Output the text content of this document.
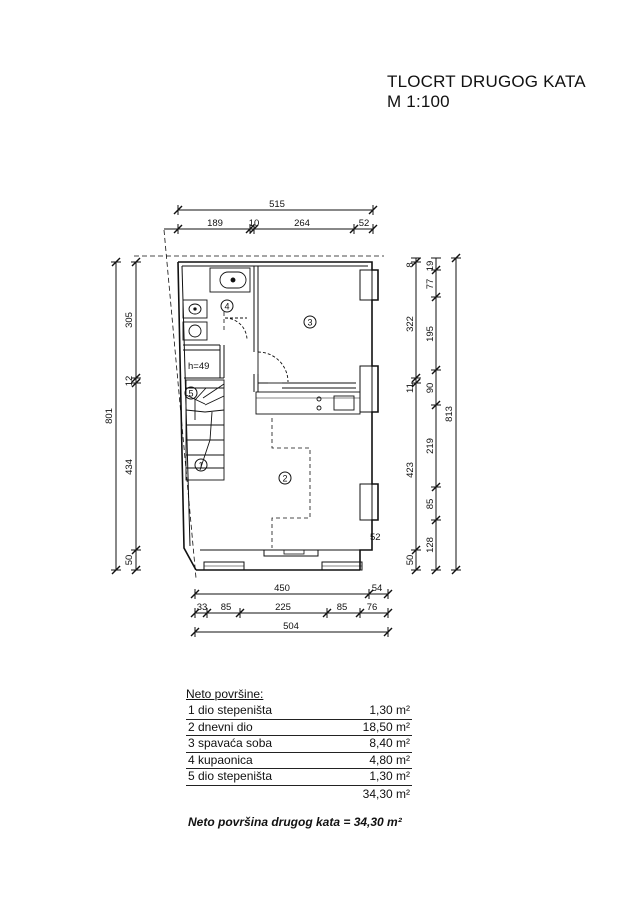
TLOCRT DRUGOG KATA
M 1:100
4
3
2
1
5
h=49
515
189	10	264	52
801
305
12
434
50
8
322
11
423
50
19
77
195
90
219
85
128
813
52
450	54
33 85	225	85 76
504
Neto površine:
1 dio stepeništa	1,30 m²
2 dnevni dio	18,50 m²
3 spavaća soba	8,40 m²
4 kupaonica	4,80 m²
5 dio stepeništa	1,30 m²
34,30 m²
Neto površina drugog kata = 34,30 m²
